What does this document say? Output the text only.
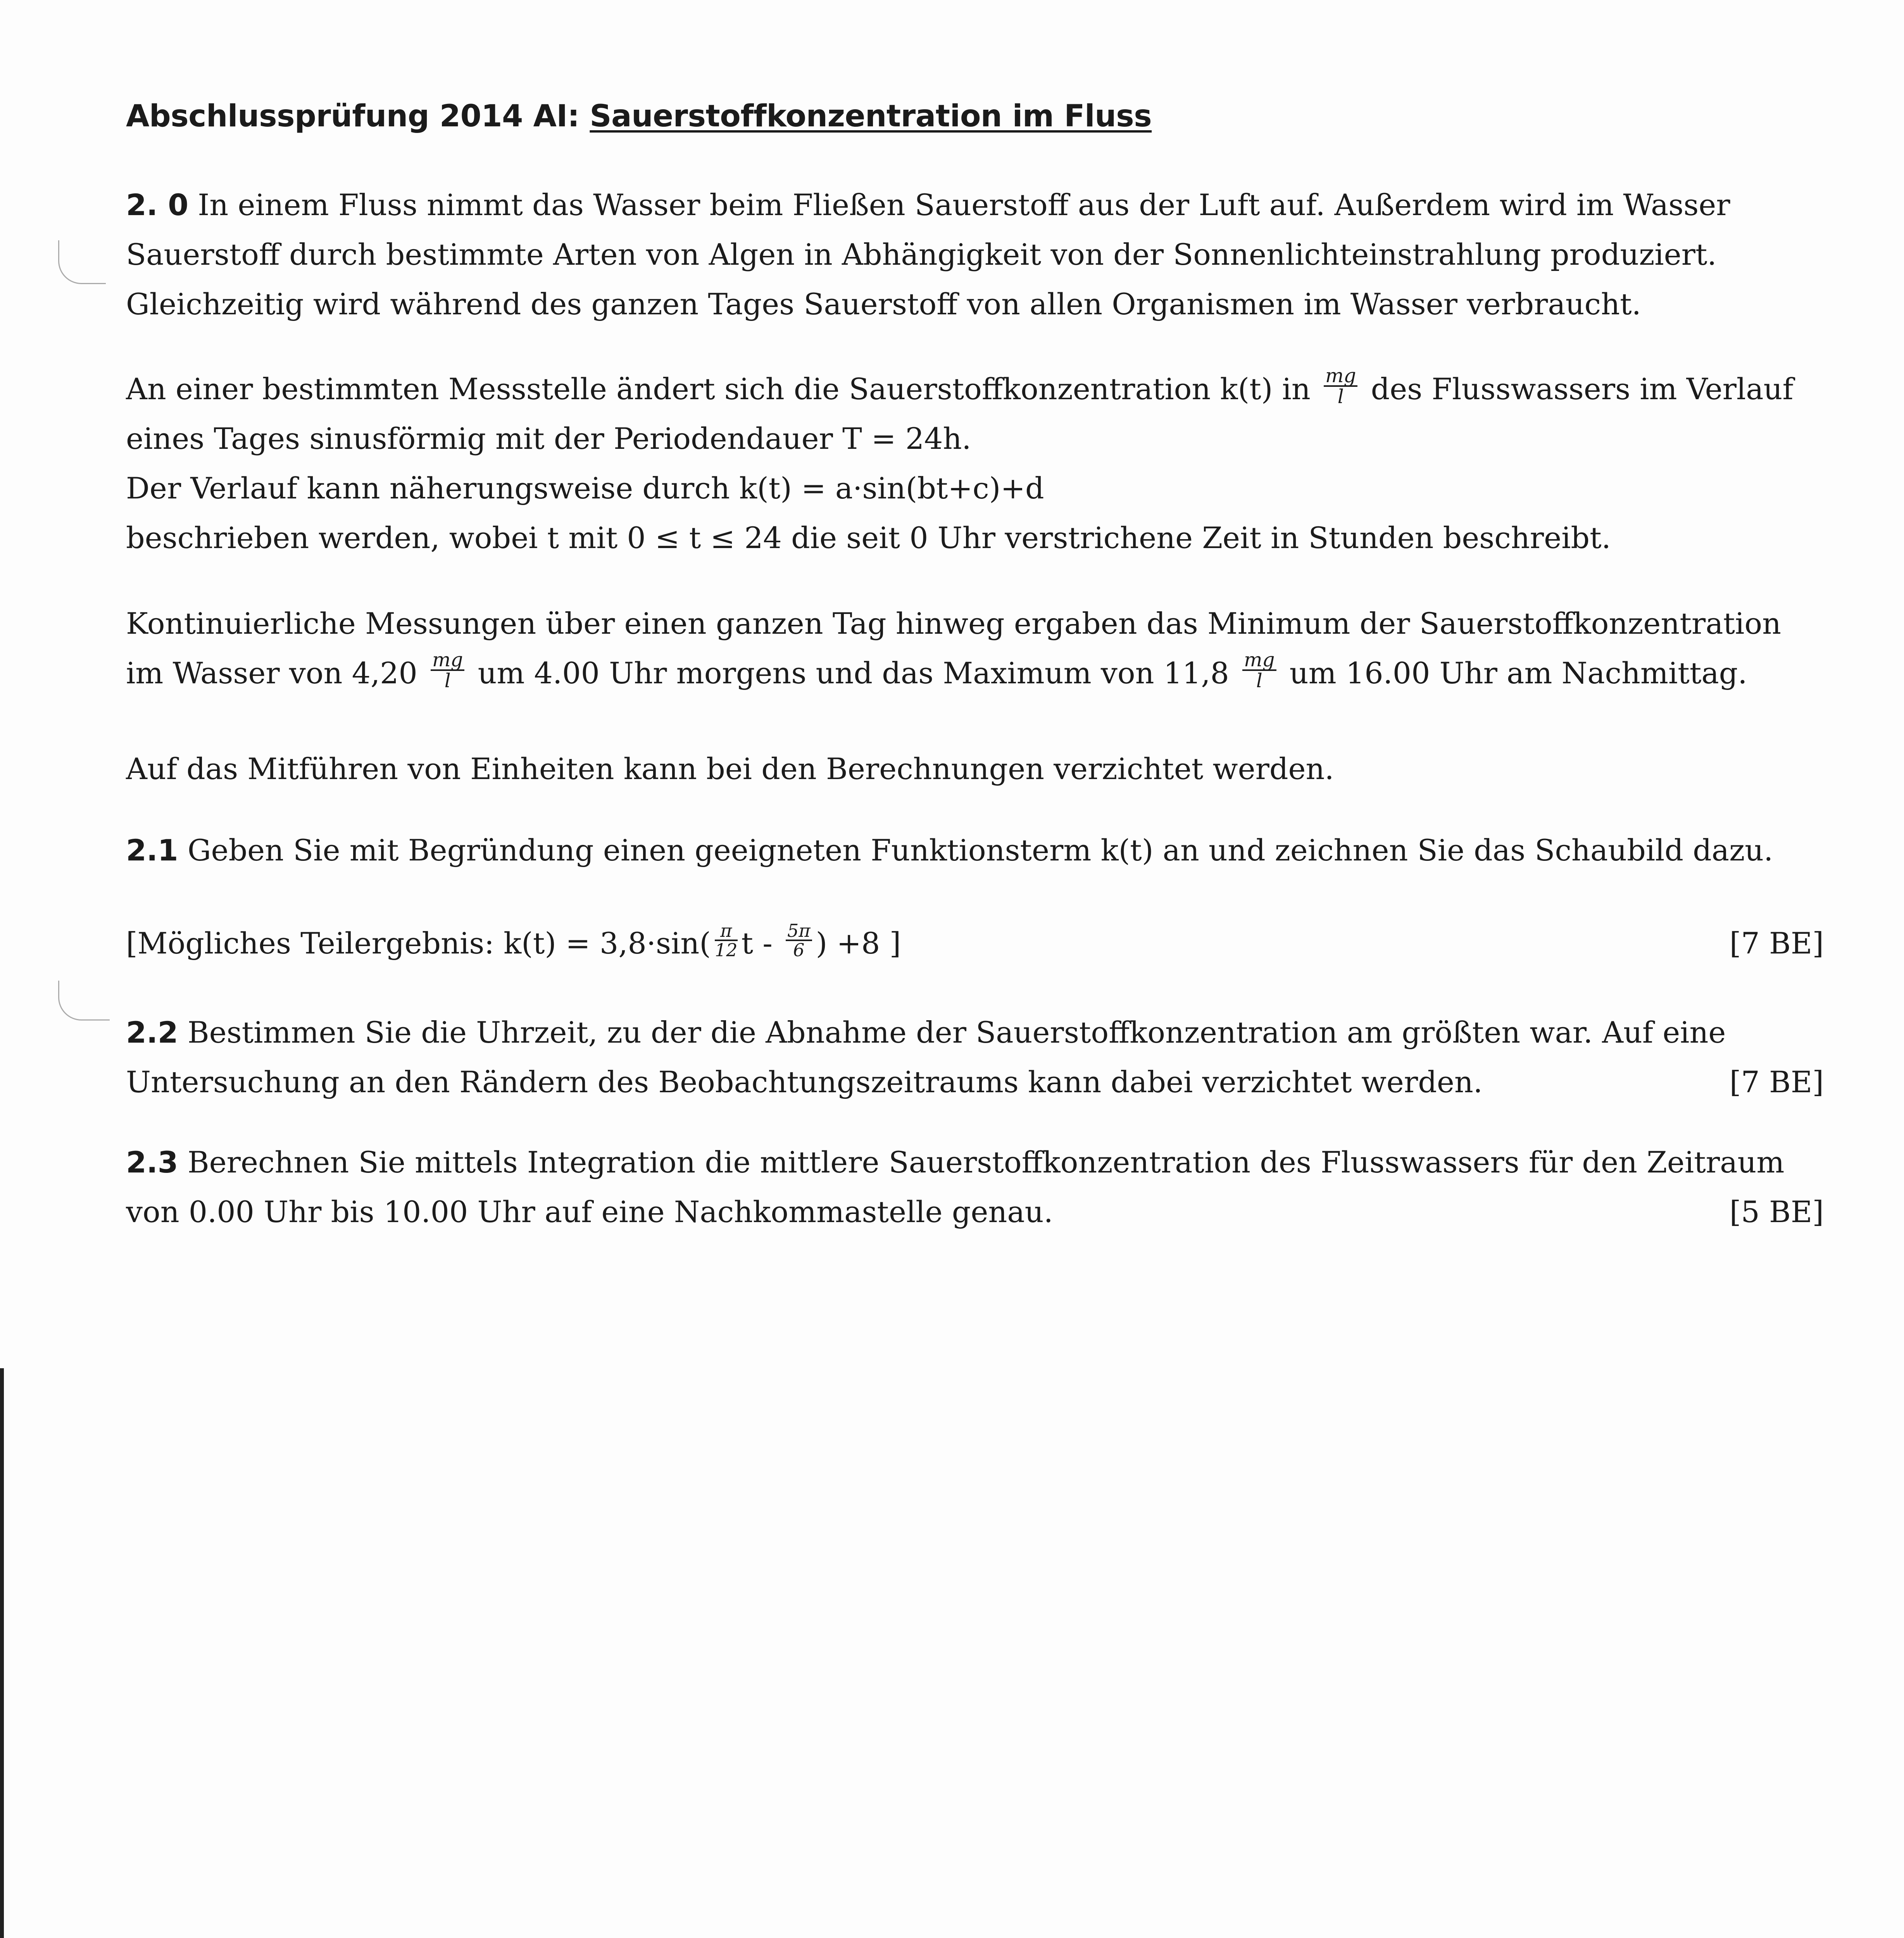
Abschlussprüfung 2014 AI: Sauerstoffkonzentration im Fluss
2. 0 In einem Fluss nimmt das Wasser beim Fließen Sauerstoff aus der Luft auf. Außerdem wird im Wasser
Sauerstoff durch bestimmte Arten von Algen in Abhängigkeit von der Sonnenlichteinstrahlung produziert.
Gleichzeitig wird während des ganzen Tages Sauerstoff von allen Organismen im Wasser verbraucht.
An einer bestimmten Messstelle ändert sich die Sauerstoffkonzentration k(t) in $\frac{mg}{l}$ des Flusswassers im Verlauf
eines Tages sinusförmig mit der Periodendauer T = 24h.
Der Verlauf kann näherungsweise durch k(t) = a·sin(bt+c)+d
beschrieben werden, wobei t mit 0 ≤ t ≤ 24 die seit 0 Uhr verstrichene Zeit in Stunden beschreibt.
Kontinuierliche Messungen über einen ganzen Tag hinweg ergaben das Minimum der Sauerstoffkonzentration
im Wasser von $4,20 \frac{mg}{l}$ um 4.00 Uhr morgens und das Maximum von $11,8 \frac{mg}{l}$ um 16.00 Uhr am Nachmittag.
Auf das Mitführen von Einheiten kann bei den Berechnungen verzichtet werden.
2.1 Geben Sie mit Begründung einen geeigneten Funktionsterm k(t) an und zeichnen Sie das Schaubild dazu.
[Mögliches Teilergebnis: $k(t) = 3,8\cdot\sin( \frac{\pi}{12}$ t - $\frac{5\pi}{6}$ ) +8 ]	[7 BE]
2.2 Bestimmen Sie die Uhrzeit, zu der die Abnahme der Sauerstoffkonzentration am größten war. Auf eine
Untersuchung an den Rändern des Beobachtungszeitraums kann dabei verzichtet werden.	[7 BE]
2.3 Berechnen Sie mittels Integration die mittlere Sauerstoffkonzentration des Flusswassers für den Zeitraum
von 0.00 Uhr bis 10.00 Uhr auf eine Nachkommastelle genau.	[5 BE]
